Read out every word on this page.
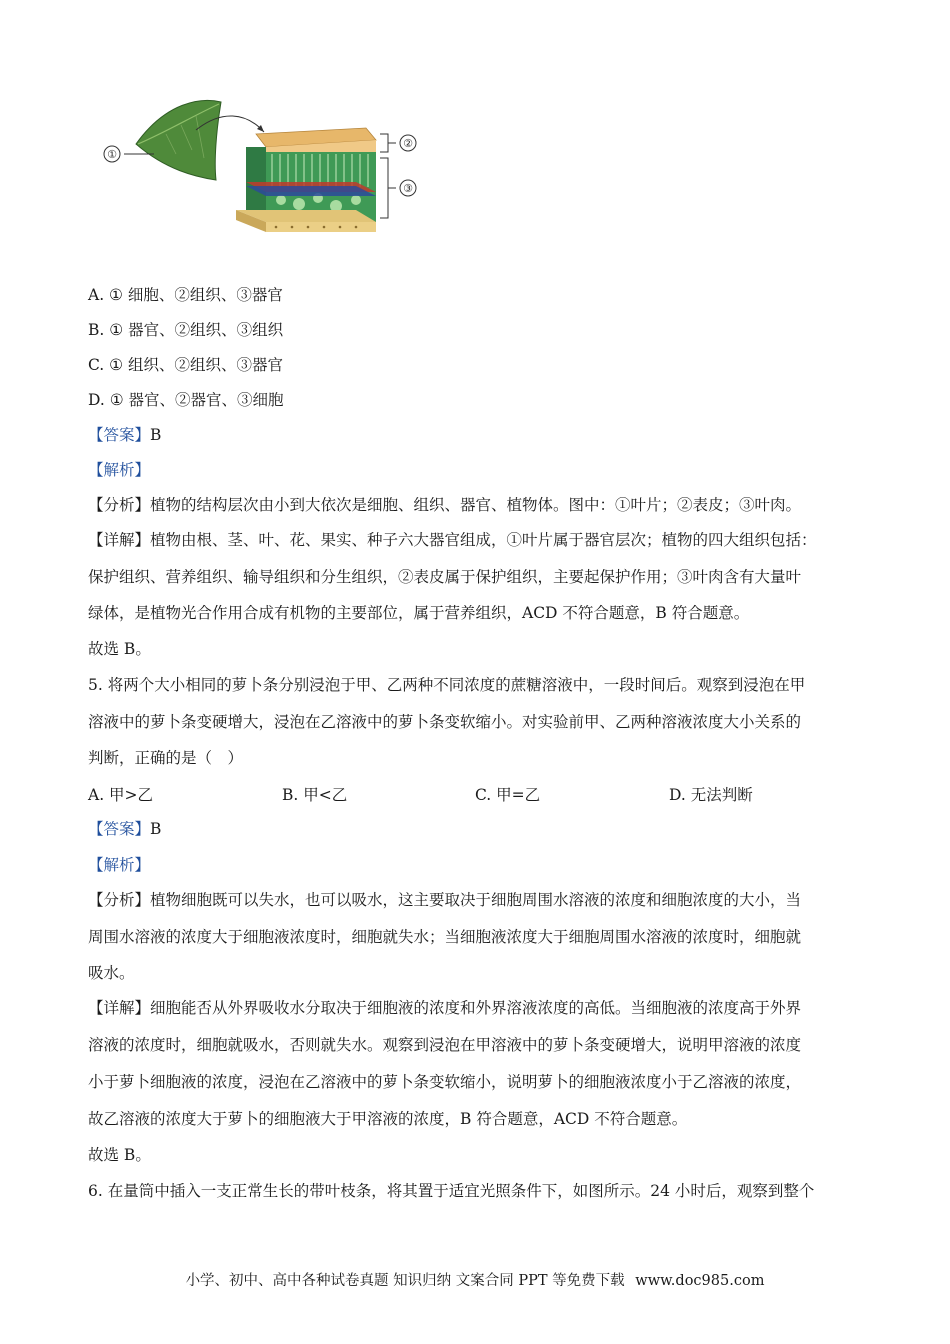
①
②
③
A. ① 细胞、②组织、③器官
B. ① 器官、②组织、③组织
C. ① 组织、②组织、③器官
D. ① 器官、②器官、③细胞
【答案】B
【解析】
【分析】植物的结构层次由小到大依次是细胞、组织、器官、植物体。图中：①叶片；②表皮；③叶肉。
【详解】植物由根、茎、叶、花、果实、种子六大器官组成，①叶片属于器官层次；植物的四大组织包括：
保护组织、营养组织、输导组织和分生组织，②表皮属于保护组织，主要起保护作用；③叶肉含有大量叶
绿体，是植物光合作用合成有机物的主要部位，属于营养组织，ACD 不符合题意，B 符合题意。
故选 B。
5. 将两个大小相同的萝卜条分别浸泡于甲、乙两种不同浓度的蔗糖溶液中，一段时间后。观察到浸泡在甲
溶液中的萝卜条变硬增大，浸泡在乙溶液中的萝卜条变软缩小。对实验前甲、乙两种溶液浓度大小关系的
判断，正确的是（　）
A. 甲>乙	B. 甲<乙	C. 甲=乙	D. 无法判断
【答案】B
【解析】
【分析】植物细胞既可以失水，也可以吸水，这主要取决于细胞周围水溶液的浓度和细胞浓度的大小，当
周围水溶液的浓度大于细胞液浓度时，细胞就失水；当细胞液浓度大于细胞周围水溶液的浓度时，细胞就
吸水。
【详解】细胞能否从外界吸收水分取决于细胞液的浓度和外界溶液浓度的高低。当细胞液的浓度高于外界
溶液的浓度时，细胞就吸水，否则就失水。观察到浸泡在甲溶液中的萝卜条变硬增大，说明甲溶液的浓度
小于萝卜细胞液的浓度，浸泡在乙溶液中的萝卜条变软缩小，说明萝卜的细胞液浓度小于乙溶液的浓度，
故乙溶液的浓度大于萝卜的细胞液大于甲溶液的浓度，B 符合题意，ACD 不符合题意。
故选 B。
6. 在量筒中插入一支正常生长的带叶枝条，将其置于适宜光照条件下，如图所示。24 小时后，观察到整个
小学、初中、高中各种试卷真题 知识归纳 文案合同 PPT 等免费下载 www.doc985.com
